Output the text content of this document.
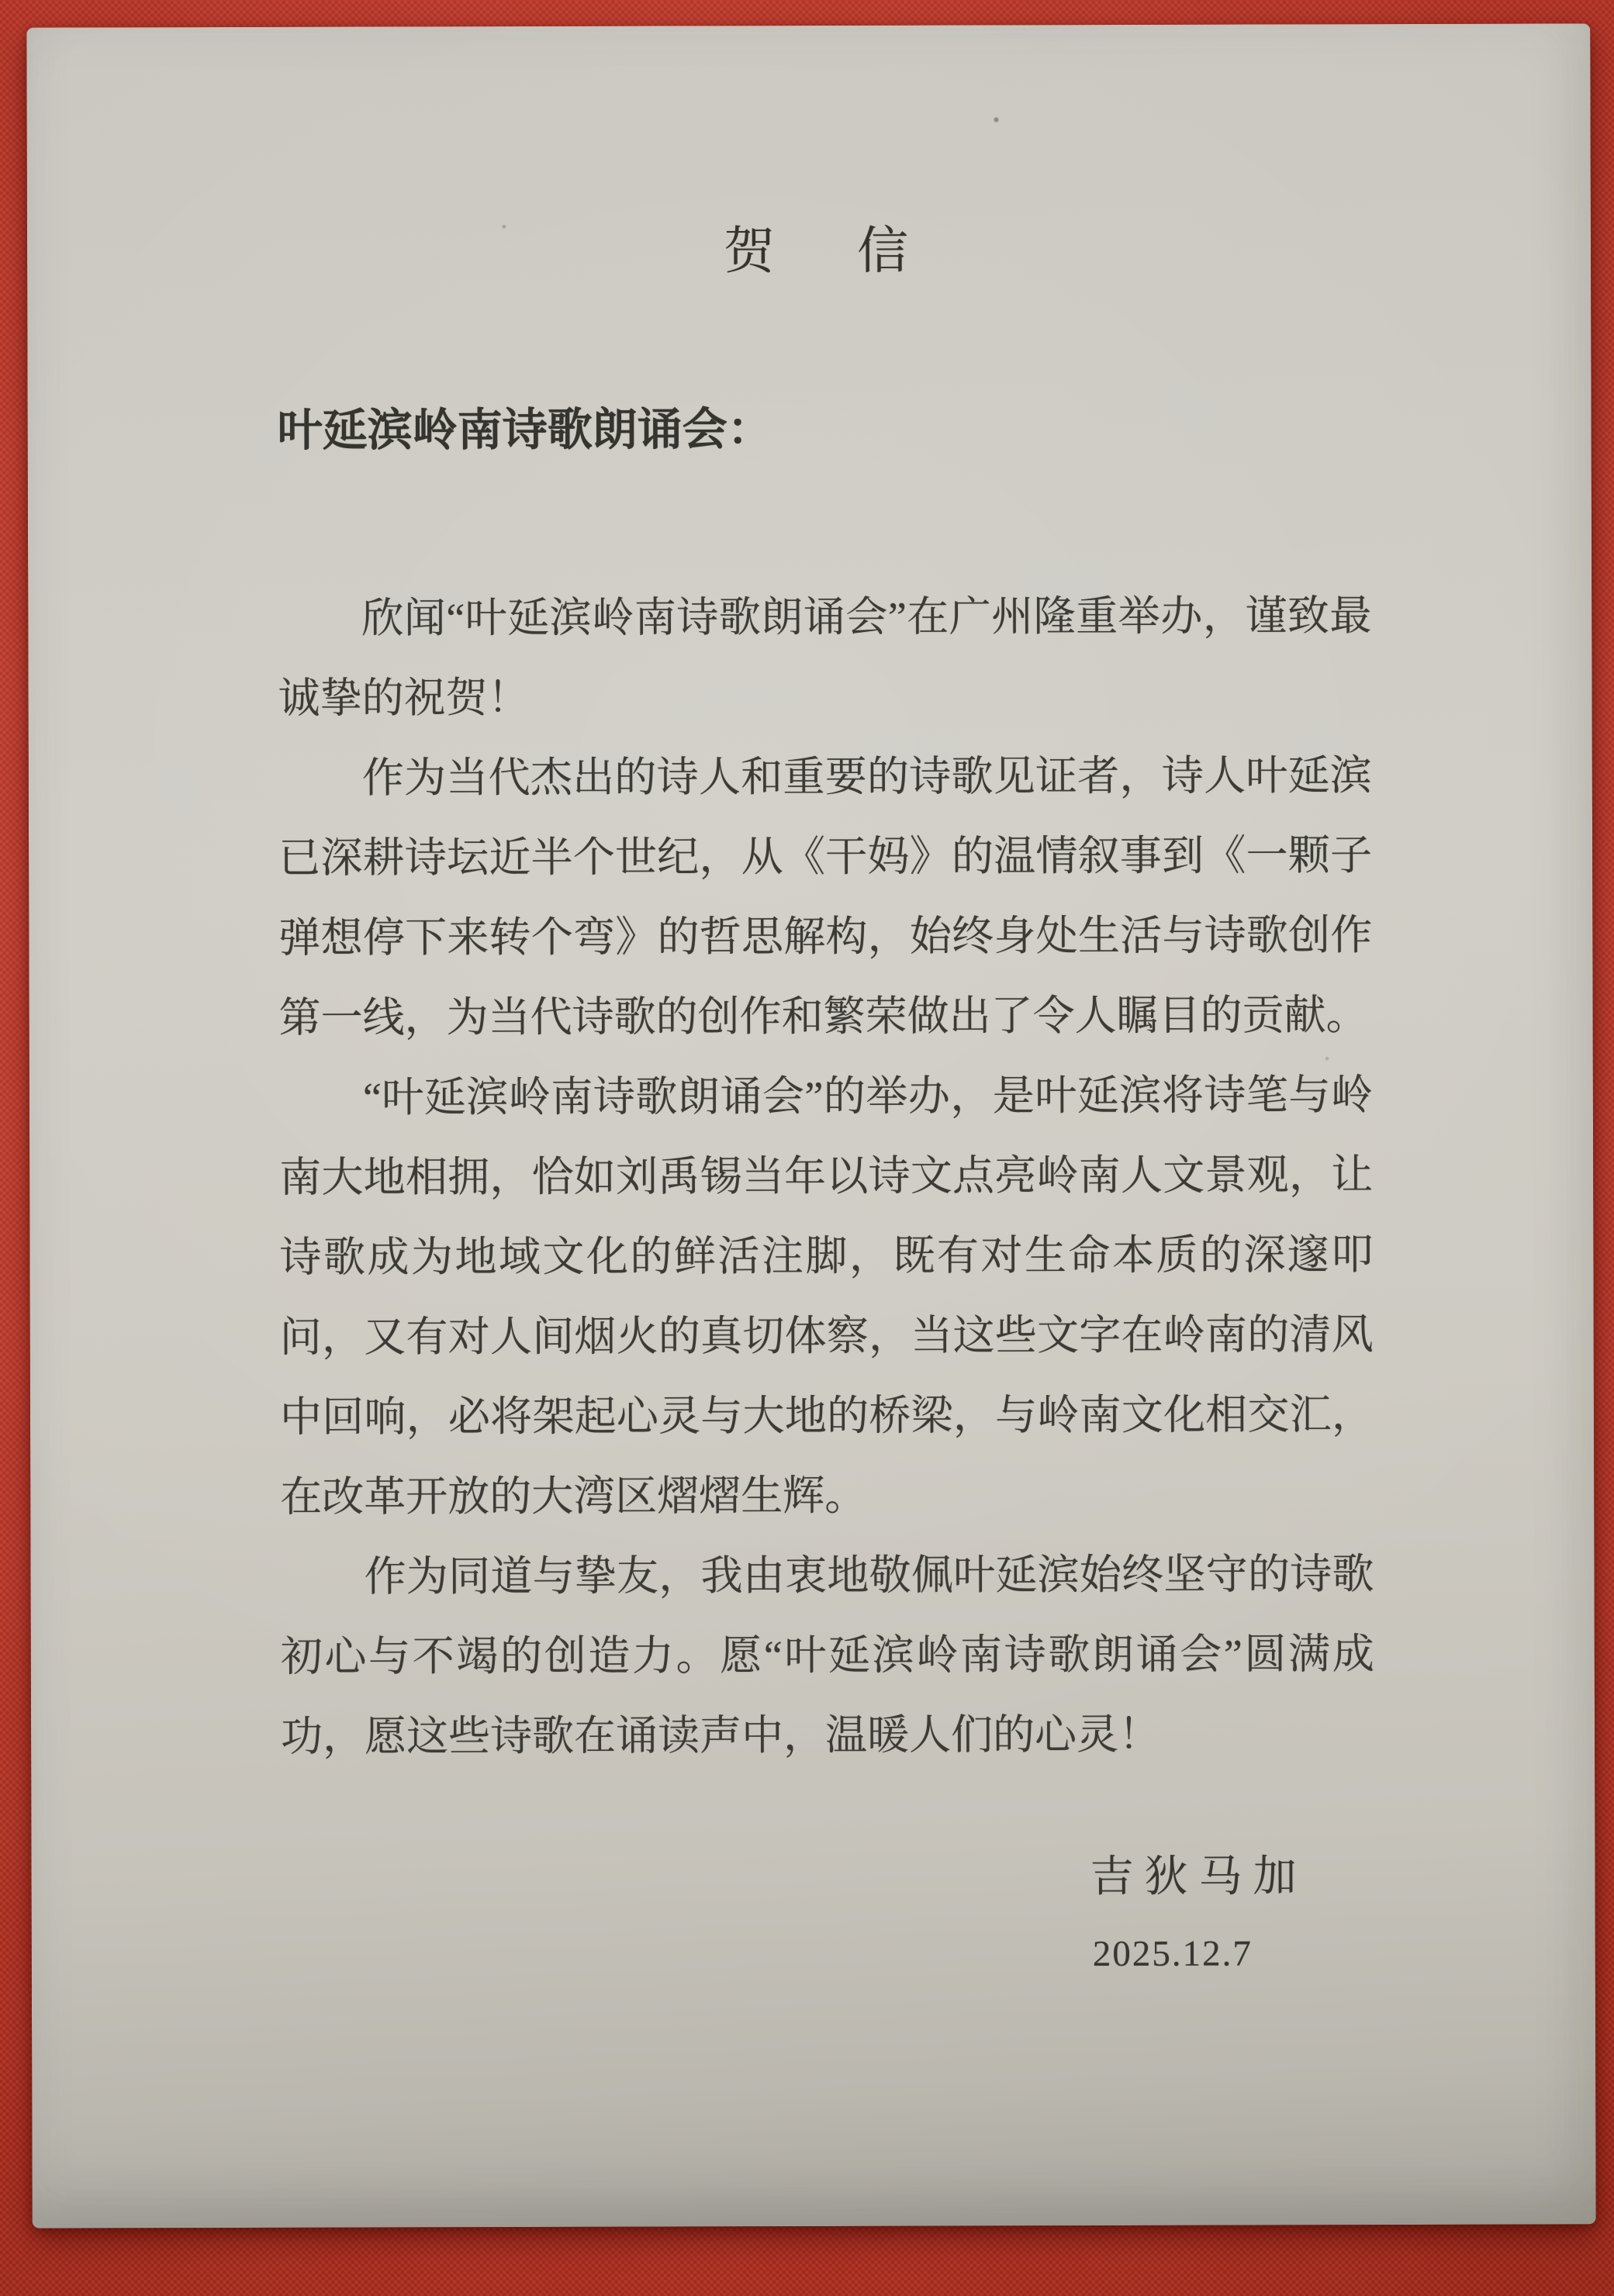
贺　信
叶延滨岭南诗歌朗诵会：

欣闻“叶延滨岭南诗歌朗诵会”在广州隆重举办，谨致最诚挚的祝贺！

作为当代杰出的诗人和重要的诗歌见证者，诗人叶延滨已深耕诗坛近半个世纪，从《干妈》的温情叙事到《一颗子弹想停下来转个弯》的哲思解构，始终身处生活与诗歌创作第一线，为当代诗歌的创作和繁荣做出了令人瞩目的贡献。

“叶延滨岭南诗歌朗诵会”的举办，是叶延滨将诗笔与岭南大地相拥，恰如刘禹锡当年以诗文点亮岭南人文景观，让诗歌成为地域文化的鲜活注脚，既有对生命本质的深邃叩问，又有对人间烟火的真切体察，当这些文字在岭南的清风中回响，必将架起心灵与大地的桥梁，与岭南文化相交汇，在改革开放的大湾区熠熠生辉。

作为同道与挚友，我由衷地敬佩叶延滨始终坚守的诗歌初心与不竭的创造力。愿“叶延滨岭南诗歌朗诵会”圆满成功，愿这些诗歌在诵读声中，温暖人们的心灵！

吉狄马加
2025.12.7
